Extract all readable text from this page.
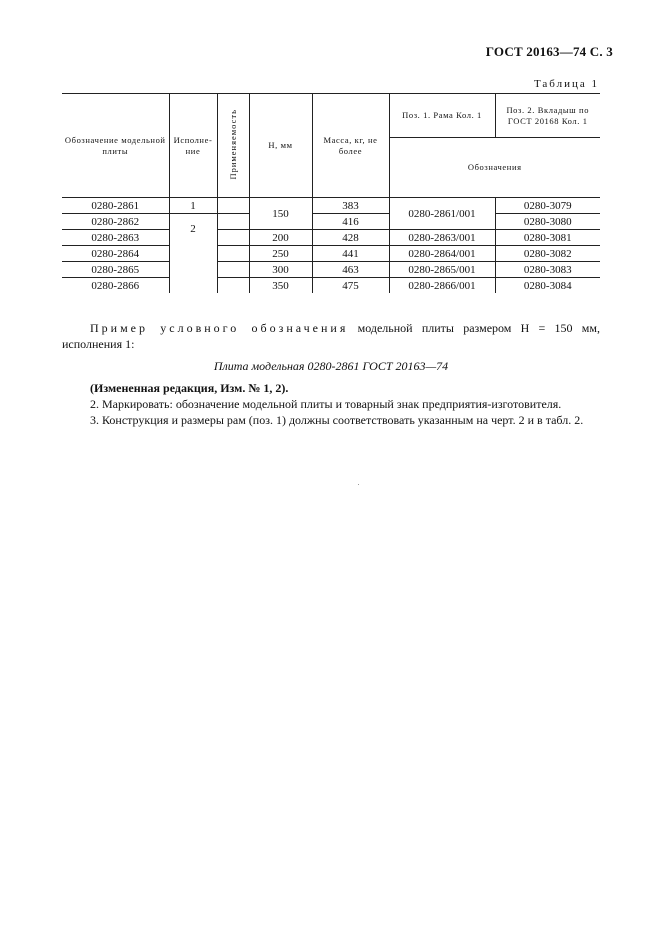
ГОСТ 20163—74 С. 3
Таблица 1
Обозначение модельной плиты	Исполне-ние	Применяемость	Н, мм	Масса, кг, не более	Поз. 1. Рама Кол. 1	Поз. 2. Вкладыш по ГОСТ 20168 Кол. 1
					Обозначения	
0280-2861	1		150	383	0280-2861/001	0280-3079
0280-2862	2			416		0280-3080
0280-2863			200	428	0280-2863/001	0280-3081
0280-2864			250	441	0280-2864/001	0280-3082
0280-2865			300	463	0280-2865/001	0280-3083
0280-2866			350	475	0280-2866/001	0280-3084

Пример условного обозначения модельной плиты размером Н = 150 мм, исполнения 1:

Плита модельная 0280-2861 ГОСТ 20163—74

(Измененная редакция, Изм. № 1, 2).

2. Маркировать: обозначение модельной плиты и товарный знак предприятия-изготовителя.

3. Конструкция и размеры рам (поз. 1) должны соответствовать указанным на черт. 2 и в табл. 2.
